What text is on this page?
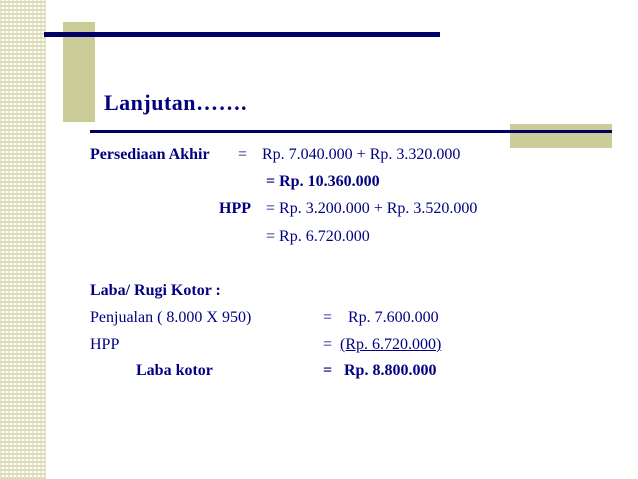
Lanjutan…….
Persediaan Akhir = Rp. 7.040.000 + Rp. 3.320.000
= Rp. 10.360.000
HPP = Rp. 3.200.000 + Rp. 3.520.000
= Rp. 6.720.000
Laba/ Rugi Kotor :
Penjualan ( 8.000 X 950)	= Rp. 7.600.000
HPP	= (Rp. 6.720.000)
Laba kotor	= Rp. 8.800.000
